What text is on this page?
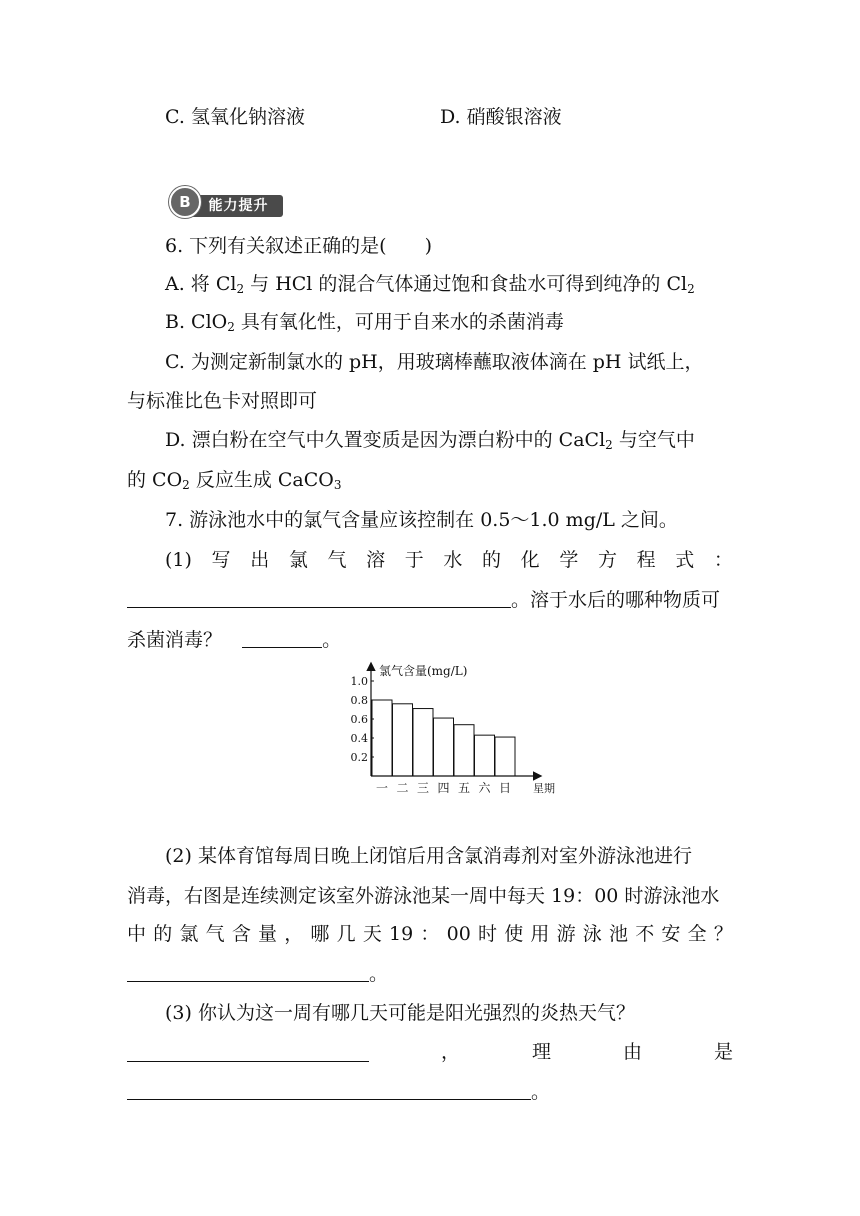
C. 氢氧化钠溶液	D. 硝酸银溶液
能力提升
B
6. 下列有关叙述正确的是(　　)
A. 将 $Cl_2$ 与 HCl 的混合气体通过饱和食盐水可得到纯净的 $Cl_2$
B. ClO$_2$ 具有氧化性，可用于自来水的杀菌消毒
C. 为测定新制氯水的 pH，用玻璃棒蘸取液体滴在 pH 试纸上，
与标准比色卡对照即可
D. 漂白粉在空气中久置变质是因为漂白粉中的 CaCl$_2$ 与空气中
的 $CO_2$ 反应生成 CaCO$_3$
7. 游泳池水中的氯气含量应该控制在 0.5～1.0 mg/L 之间。
(1) 写 出 氯 气 溶 于 水 的 化 学 方 程 式 ：
。溶于水后的哪种物质可
杀菌消毒？	。
1.0
0.8
0.6
0.4
0.2
一 二 三 四 五 六 日
氯气含量(mg/L)
星期
(2) 某体育馆每周日晚上闭馆后用含氯消毒剂对室外游泳池进行
消毒，右图是连续测定该室外游泳池某一周中每天 19：00 时游泳池水
中 的 氯 气 含 量 ， 哪 几 天 19 ： 00 时 使 用 游 泳 池 不 安 全 ？
。
(3) 你认为这一周有哪几天可能是阳光强烈的炎热天气？
，	理	由	是
。
